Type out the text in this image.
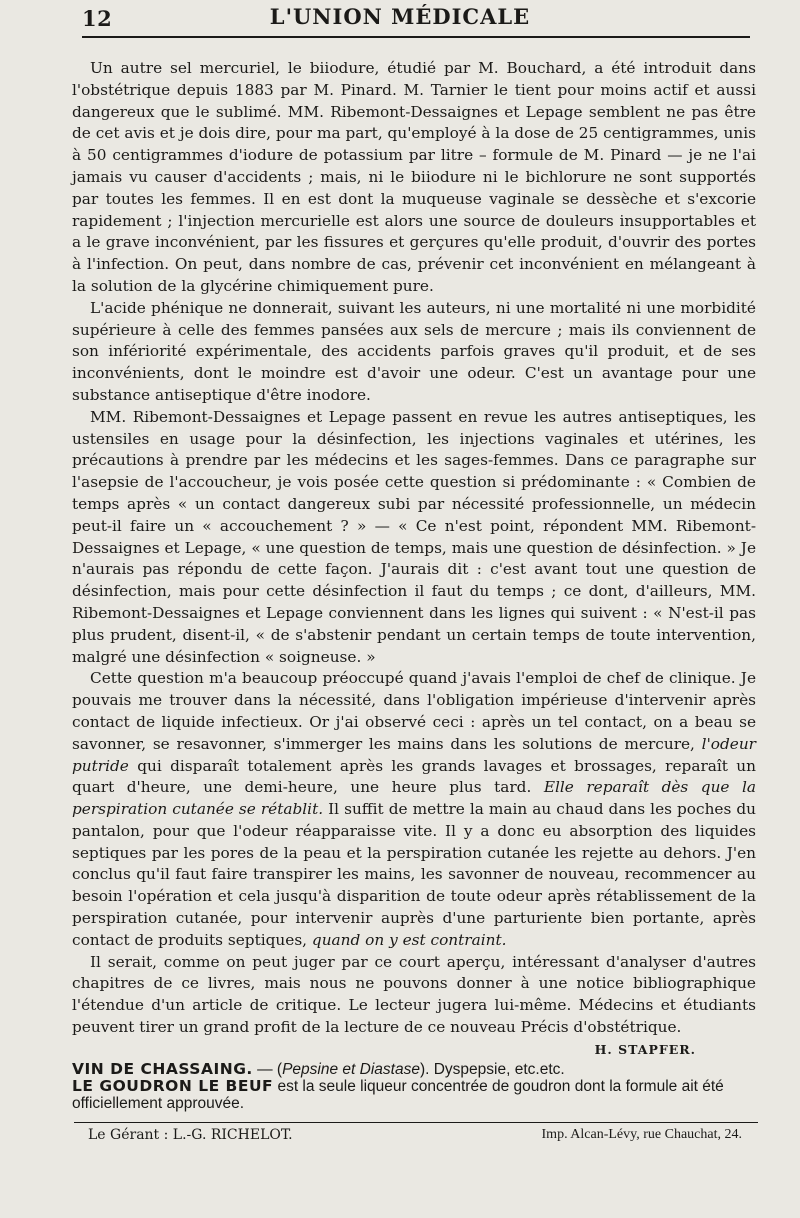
12	L'UNION MÉDICALE

Un autre sel mercuriel, le biiodure, étudié par M. Bouchard, a été introduit dans l'obstétrique depuis 1883 par M. Pinard. M. Tarnier le tient pour moins actif et aussi dangereux que le sublimé. MM. Ribemont-Dessaignes et Lepage semblent ne pas être de cet avis et je dois dire, pour ma part, qu'employé à la dose de 25 centigrammes, unis à 50 centigrammes d'iodure de potassium par litre – formule de M. Pinard — je ne l'ai jamais vu causer d'accidents ; mais, ni le biiodure ni le bichlorure ne sont supportés par toutes les femmes. Il en est dont la muqueuse vaginale se dessèche et s'excorie rapidement ; l'injection mercurielle est alors une source de douleurs insupportables et a le grave inconvénient, par les fissures et gerçures qu'elle produit, d'ouvrir des portes à l'infection. On peut, dans nombre de cas, prévenir cet inconvénient en mélangeant à la solution de la glycérine chimiquement pure.

L'acide phénique ne donnerait, suivant les auteurs, ni une mortalité ni une morbidité supérieure à celle des femmes pansées aux sels de mercure ; mais ils conviennent de son infériorité expérimentale, des accidents parfois graves qu'il produit, et de ses inconvénients, dont le moindre est d'avoir une odeur. C'est un avantage pour une substance antiseptique d'être inodore.

MM. Ribemont-Dessaignes et Lepage passent en revue les autres antiseptiques, les ustensiles en usage pour la désinfection, les injections vaginales et utérines, les précautions à prendre par les médecins et les sages-femmes. Dans ce paragraphe sur l'asepsie de l'accoucheur, je vois posée cette question si prédominante : « Combien de temps après « un contact dangereux subi par nécessité professionnelle, un médecin peut-il faire un « accouchement ? » — « Ce n'est point, répondent MM. Ribemont-Dessaignes et Lepage, « une question de temps, mais une question de désinfection. » Je n'aurais pas répondu de cette façon. J'aurais dit : c'est avant tout une question de désinfection, mais pour cette désinfection il faut du temps ; ce dont, d'ailleurs, MM. Ribemont-Dessaignes et Lepage conviennent dans les lignes qui suivent : « N'est-il pas plus prudent, disent-il, « de s'abstenir pendant un certain temps de toute intervention, malgré une désinfection « soigneuse. »

Cette question m'a beaucoup préoccupé quand j'avais l'emploi de chef de clinique. Je pouvais me trouver dans la nécessité, dans l'obligation impérieuse d'intervenir après contact de liquide infectieux. Or j'ai observé ceci : après un tel contact, on a beau se savonner, se resavonner, s'immerger les mains dans les solutions de mercure, l'odeur putride qui disparaît totalement après les grands lavages et brossages, reparaît un quart d'heure, une demi-heure, une heure plus tard. Elle reparaît dès que la perspiration cutanée se rétablit. Il suffit de mettre la main au chaud dans les poches du pantalon, pour que l'odeur réapparaisse vite. Il y a donc eu absorption des liquides septiques par les pores de la peau et la perspiration cutanée les rejette au dehors. J'en conclus qu'il faut faire transpirer les mains, les savonner de nouveau, recommencer au besoin l'opération et cela jusqu'à disparition de toute odeur après rétablissement de la perspiration cutanée, pour intervenir auprès d'une parturiente bien portante, après contact de produits septiques, quand on y est contraint.

Il serait, comme on peut juger par ce court aperçu, intéressant d'analyser d'autres chapitres de ce livres, mais nous ne pouvons donner à une notice bibliographique l'étendue d'un article de critique. Le lecteur jugera lui-même. Médecins et étudiants peuvent tirer un grand profit de la lecture de ce nouveau Précis d'obstétrique.

H. STAPFER.
VIN DE CHASSAING. — (Pepsine et Diastase). Dyspepsie, etc.etc.
LE GOUDRON LE BEUF est la seule liqueur concentrée de goudron dont la formule ait été officiellement approuvée.
Le Gérant : L.-G. RICHELOT.	Imp. Alcan-Lévy, rue Chauchat, 24.
